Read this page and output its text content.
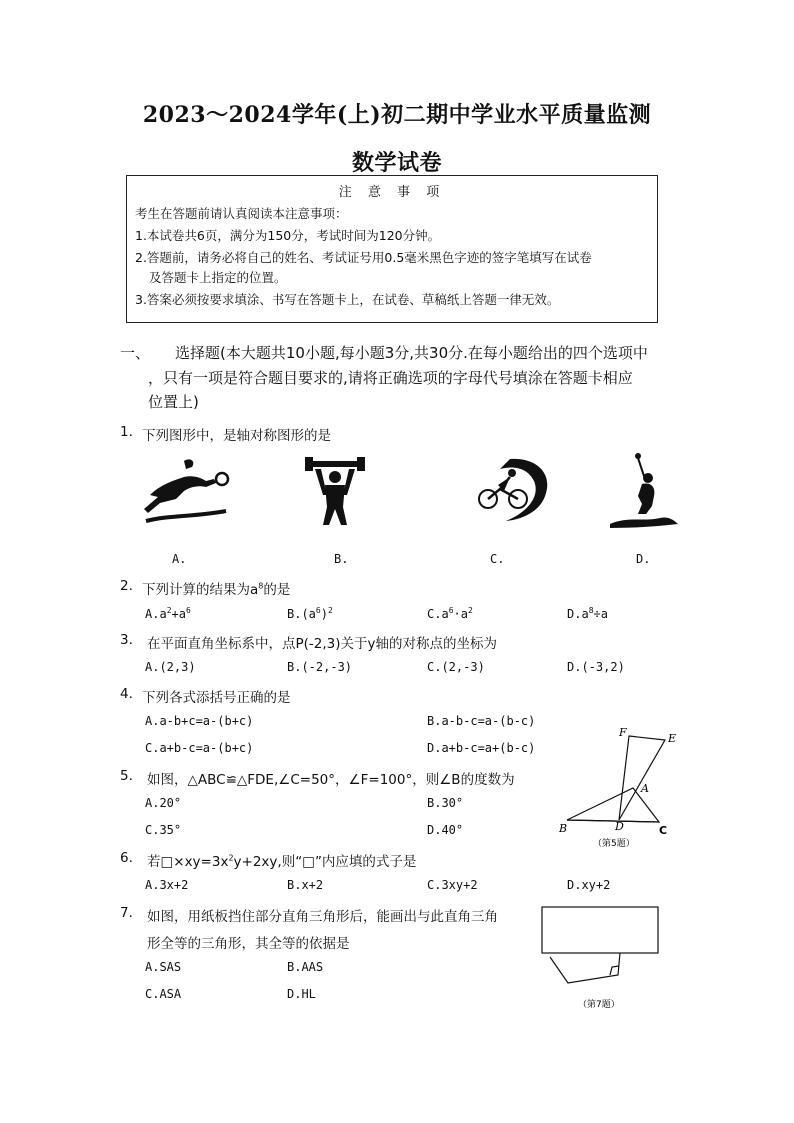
2023～2024学年(上)初二期中学业水平质量监测
数学试卷
注 意 事 项
考生在答题前请认真阅读本注意事项：
1.本试卷共6页，满分为150分，考试时间为120分钟。
2.答题前，请务必将自己的姓名、考试证号用0.5毫米黑色字迹的签字笔填写在试卷
及答题卡上指定的位置。
3.答案必须按要求填涂、书写在答题卡上，在试卷、草稿纸上答题一律无效。
一、 选择题(本大题共10小题,每小题3分,共30分.在每小题给出的四个选项中
，只有一项是符合题目要求的,请将正确选项的字母代号填涂在答题卡相应
位置上)
1. 下列图形中，是轴对称图形的是
A.	B.	C.	D.
2. 下列计算的结果为$a^8$的是
$A.a^2+a^6$	$B.(a^6)^2$	$C.a^6\cdot a^2$	$D.a^8\div a$
3. 在平面直角坐标系中，点P(-2,3)关于y轴的对称点的坐标为
A.(2,3)	B.(-2,-3)	C.(2,-3)	D.(-3,2)
4. 下列各式添括号正确的是
A.a-b+c=a-(b+c)	B.a-b-c=a-(b-c)
C.a+b-c=a-(b+c)	D.a+b-c=a+(b-c)
5. 如图，△ABC≌△FDE,∠C=50°，∠F=100°，则∠B的度数为
A.20°	B.30°
C.35°	D.40°
F	E
A
B	D	C
（第5题）
6. 若$□\times xy=3x^2y+2xy$,则“□”内应填的式子是
A.3x+2	B.x+2	C.3xy+2	D.xy+2
7. 如图，用纸板挡住部分直角三角形后，能画出与此直角三角
形全等的三角形，其全等的依据是
A.SAS	B.AAS
C.ASA	D.HL
（第7题）
